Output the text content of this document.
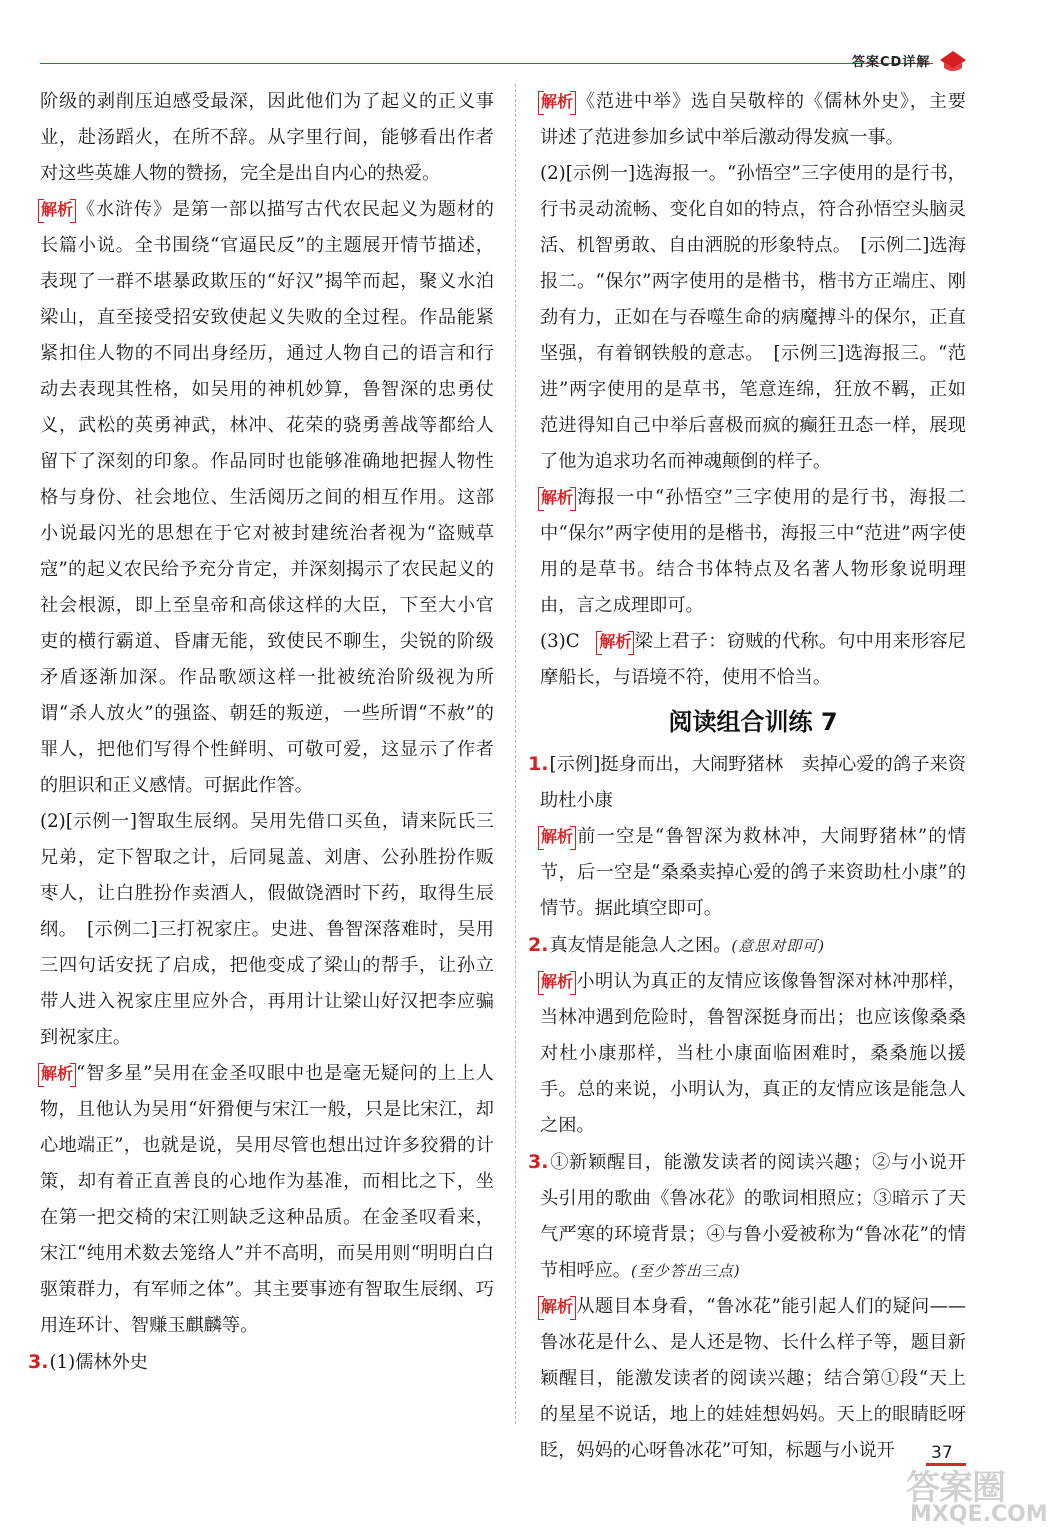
答案CD详解

阶级的剥削压迫感受最深，因此他们为了起义的正义事业，赴汤蹈火，在所不辞。从字里行间，能够看出作者对这些英雄人物的赞扬，完全是出自内心的热爱。

解析 《水浒传》是第一部以描写古代农民起义为题材的长篇小说。全书围绕“官逼民反”的主题展开情节描述，表现了一群不堪暴政欺压的“好汉”揭竿而起，聚义水泊梁山，直至接受招安致使起义失败的全过程。作品能紧紧扣住人物的不同出身经历，通过人物自己的语言和行动去表现其性格，如吴用的神机妙算，鲁智深的忠勇仗义，武松的英勇神武，林冲、花荣的骁勇善战等都给人留下了深刻的印象。作品同时也能够准确地把握人物性格与身份、社会地位、生活阅历之间的相互作用。这部小说最闪光的思想在于它对被封建统治者视为“盗贼草寇”的起义农民给予充分肯定，并深刻揭示了农民起义的社会根源，即上至皇帝和高俅这样的大臣，下至大小官吏的横行霸道、昏庸无能，致使民不聊生，尖锐的阶级矛盾逐渐加深。作品歌颂这样一批被统治阶级视为所谓“杀人放火”的强盗、朝廷的叛逆，一些所谓“不赦”的罪人，把他们写得个性鲜明、可敬可爱，这显示了作者的胆识和正义感情。可据此作答。

(2)[示例一]智取生辰纲。吴用先借口买鱼，请来阮氏三兄弟，定下智取之计，后同晁盖、刘唐、公孙胜扮作贩枣人，让白胜扮作卖酒人，假做饶酒时下药，取得生辰纲。　[示例二]三打祝家庄。史进、鲁智深落难时，吴用三四句话安抚了启成，把他变成了梁山的帮手，让孙立带人进入祝家庄里应外合，再用计让梁山好汉把李应骗到祝家庄。

解析 “智多星”吴用在金圣叹眼中也是毫无疑问的上上人物，且他认为吴用“奸猾便与宋江一般，只是比宋江，却心地端正”，也就是说，吴用尽管也想出过许多狡猾的计策，却有着正直善良的心地作为基准，而相比之下，坐在第一把交椅的宋江则缺乏这种品质。在金圣叹看来，宋江“纯用术数去笼络人”并不高明，而吴用则“明明白白驱策群力，有军师之体”。其主要事迹有智取生辰纲、巧用连环计、智赚玉麒麟等。

3.(1)儒林外史

解析 《范进中举》选自吴敬梓的《儒林外史》，主要讲述了范进参加乡试中举后激动得发疯一事。

(2)[示例一]选海报一。“孙悟空”三字使用的是行书，行书灵动流畅、变化自如的特点，符合孙悟空头脑灵活、机智勇敢、自由洒脱的形象特点。　[示例二]选海报二。“保尔”两字使用的是楷书，楷书方正端庄、刚劲有力，正如在与吞噬生命的病魔搏斗的保尔，正直坚强，有着钢铁般的意志。　[示例三]选海报三。“范进”两字使用的是草书，笔意连绵，狂放不羁，正如范进得知自己中举后喜极而疯的癫狂丑态一样，展现了他为追求功名而神魂颠倒的样子。

解析 海报一中“孙悟空”三字使用的是行书，海报二中“保尔”两字使用的是楷书，海报三中“范进”两字使用的是草书。结合书体特点及名著人物形象说明理由，言之成理即可。

(3)C　解析 梁上君子：窃贼的代称。句中用来形容尼摩船长，与语境不符，使用不恰当。

阅读组合训练 7

1.[示例]挺身而出，大闹野猪林　卖掉心爱的鸽子来资助杜小康

解析 前一空是“鲁智深为救林冲，大闹野猪林”的情节，后一空是“桑桑卖掉心爱的鸽子来资助杜小康”的情节。据此填空即可。

2.真友情是能急人之困。(意思对即可)

解析 小明认为真正的友情应该像鲁智深对林冲那样，当林冲遇到危险时，鲁智深挺身而出；也应该像桑桑对杜小康那样，当杜小康面临困难时，桑桑施以援手。总的来说，小明认为，真正的友情应该是能急人之困。

3.①新颖醒目，能激发读者的阅读兴趣；②与小说开头引用的歌曲《鲁冰花》的歌词相照应；③暗示了天气严寒的环境背景；④与鲁小爱被称为“鲁冰花”的情节相呼应。(至少答出三点)

解析 从题目本身看，“鲁冰花”能引起人们的疑问——鲁冰花是什么、是人还是物、长什么样子等，题目新颖醒目，能激发读者的阅读兴趣；结合第①段“天上的星星不说话，地上的娃娃想妈妈。天上的眼睛眨呀眨，妈妈的心呀鲁冰花”可知，标题与小说开	37
答案圈
MXQE.COM
